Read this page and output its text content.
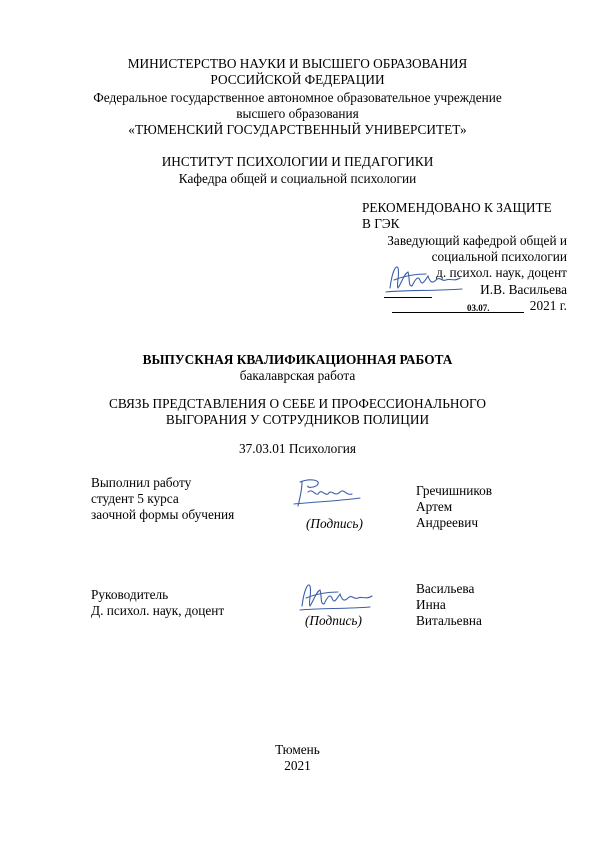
МИНИСТЕРСТВО НАУКИ И ВЫСШЕГО ОБРАЗОВАНИЯ
РОССИЙСКОЙ ФЕДЕРАЦИИ
Федеральное государственное автономное образовательное учреждение
высшего образования
«ТЮМЕНСКИЙ ГОСУДАРСТВЕННЫЙ УНИВЕРСИТЕТ»
ИНСТИТУТ ПСИХОЛОГИИ И ПЕДАГОГИКИ
Кафедра общей и социальной психологии
РЕКОМЕНДОВАНО К ЗАЩИТЕ
В ГЭК
Заведующий кафедрой общей и
социальной психологии
д. психол. наук, доцент
И.В. Васильева
03.07.	2021 г.
ВЫПУСКНАЯ КВАЛИФИКАЦИОННАЯ РАБОТА
бакалаврская работа
СВЯЗЬ ПРЕДСТАВЛЕНИЯ О СЕБЕ И ПРОФЕССИОНАЛЬНОГО
ВЫГОРАНИЯ У СОТРУДНИКОВ ПОЛИЦИИ
37.03.01 Психология
Выполнил работу
студент 5 курса
заочной формы обучения
(Подпись)
Гречишников
Артем
Андреевич
Руководитель
Д. психол. наук, доцент
(Подпись)
Васильева
Инна
Витальевна
Тюмень
2021
